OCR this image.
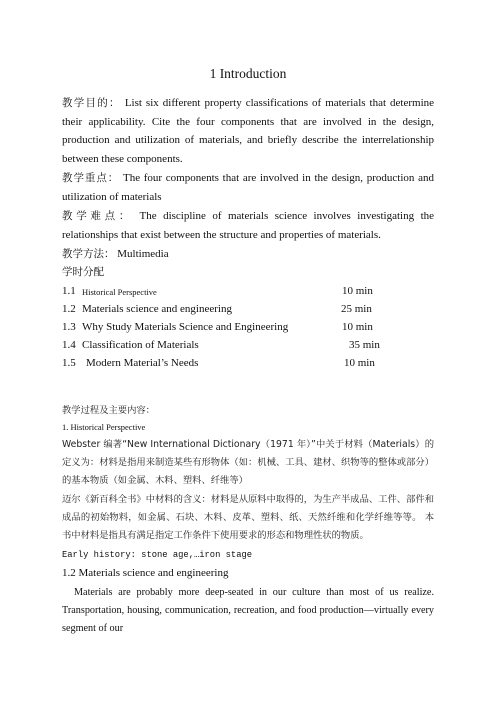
1 Introduction
教学目的： List six different property classifications of materials that determine their applicability. Cite the four components that are involved in the design, production and utilization of materials, and briefly describe the interrelationship between these components.
教学重点： The four components that are involved in the design, production and utilization of materials
教学难点： The discipline of materials science involves investigating the relationships that exist between the structure and properties of materials.
教学方法： Multimedia
学时分配
1.1 Historical Perspective	10 min
1.2 Materials science and engineering	25 min
1.3 Why Study Materials Science and Engineering	10 min
1.4 Classification of Materials	35 min
1.5 Modern Material’s Needs	10 min
教学过程及主要内容：
1. Historical Perspective
Webster 编著“New International Dictionary（1971 年）”中关于材料（Materials）的定义为：材料是指用来制造某些有形物体（如：机械、工具、建材、织物等的整体或部分）的基本物质（如金属、木料、塑料、纤维等）
迈尔《新百科全书》中材料的含义：材料是从原料中取得的，为生产半成品、工件、部件和成品的初始物料，如金属、石块、木料、皮革、塑料、纸、天然纤维和化学纤维等等。 本书中材料是指具有满足指定工作条件下使用要求的形态和物理性状的物质。
Early history: stone age,…iron stage
1.2 Materials science and engineering
Materials are probably more deep-seated in our culture than most of us realize. Transportation, housing, communication, recreation, and food production—virtually every segment of our
